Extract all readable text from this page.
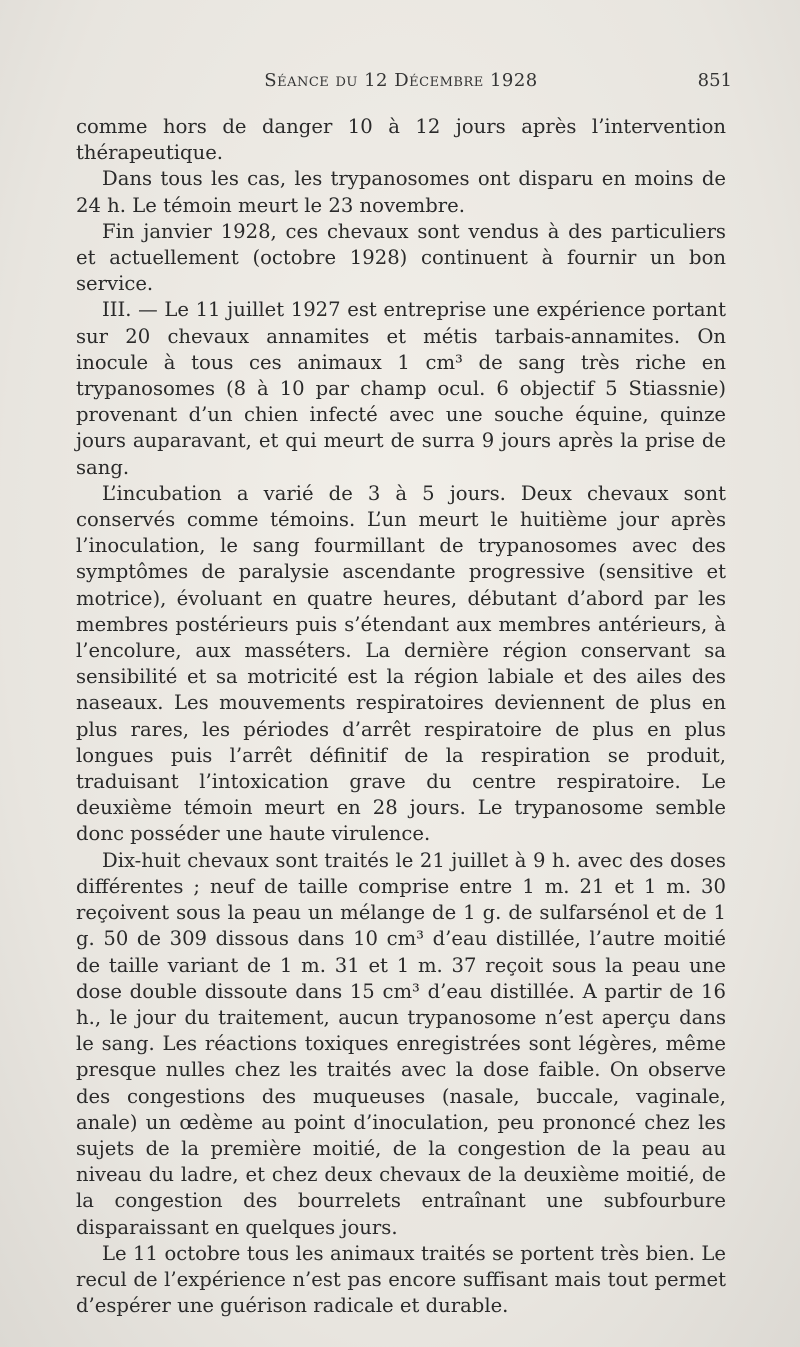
Séance du 12 Décembre 1928	851

comme hors de danger 10 à 12 jours après l’intervention thérapeutique.

Dans tous les cas, les trypanosomes ont disparu en moins de 24 h. Le témoin meurt le 23 novembre.

Fin janvier 1928, ces chevaux sont vendus à des particuliers et actuellement (octobre 1928) continuent à fournir un bon service.

III. — Le 11 juillet 1927 est entreprise une expérience portant sur 20 chevaux annamites et métis tarbais-annamites. On inocule à tous ces animaux 1 cm³ de sang très riche en trypanosomes (8 à 10 par champ ocul. 6 objectif 5 Stiassnie) provenant d’un chien infecté avec une souche équine, quinze jours auparavant, et qui meurt de surra 9 jours après la prise de sang.

L’incubation a varié de 3 à 5 jours. Deux chevaux sont conservés comme témoins. L’un meurt le huitième jour après l’inoculation, le sang fourmillant de trypanosomes avec des symptômes de paralysie ascendante progressive (sensitive et motrice), évoluant en quatre heures, débutant d’abord par les membres postérieurs puis s’étendant aux membres antérieurs, à l’encolure, aux masséters. La dernière région conservant sa sensibilité et sa motricité est la région labiale et des ailes des naseaux. Les mouvements respiratoires deviennent de plus en plus rares, les périodes d’arrêt respiratoire de plus en plus longues puis l’arrêt définitif de la respiration se produit, traduisant l’intoxication grave du centre respiratoire. Le deuxième témoin meurt en 28 jours. Le trypanosome semble donc posséder une haute virulence.

Dix-huit chevaux sont traités le 21 juillet à 9 h. avec des doses différentes ; neuf de taille comprise entre 1 m. 21 et 1 m. 30 reçoivent sous la peau un mélange de 1 g. de sulfarsénol et de 1 g. 50 de 309 dissous dans 10 cm³ d’eau distillée, l’autre moitié de taille variant de 1 m. 31 et 1 m. 37 reçoit sous la peau une dose double dissoute dans 15 cm³ d’eau distillée. A partir de 16 h., le jour du traitement, aucun trypanosome n’est aperçu dans le sang. Les réactions toxiques enregistrées sont légères, même presque nulles chez les traités avec la dose faible. On observe des congestions des muqueuses (nasale, buccale, vaginale, anale) un œdème au point d’inoculation, peu prononcé chez les sujets de la première moitié, de la congestion de la peau au niveau du ladre, et chez deux chevaux de la deuxième moitié, de la congestion des bourrelets entraînant une subfourbure disparaissant en quelques jours.

Le 11 octobre tous les animaux traités se portent très bien. Le recul de l’expérience n’est pas encore suffisant mais tout permet d’espérer une guérison radicale et durable.
